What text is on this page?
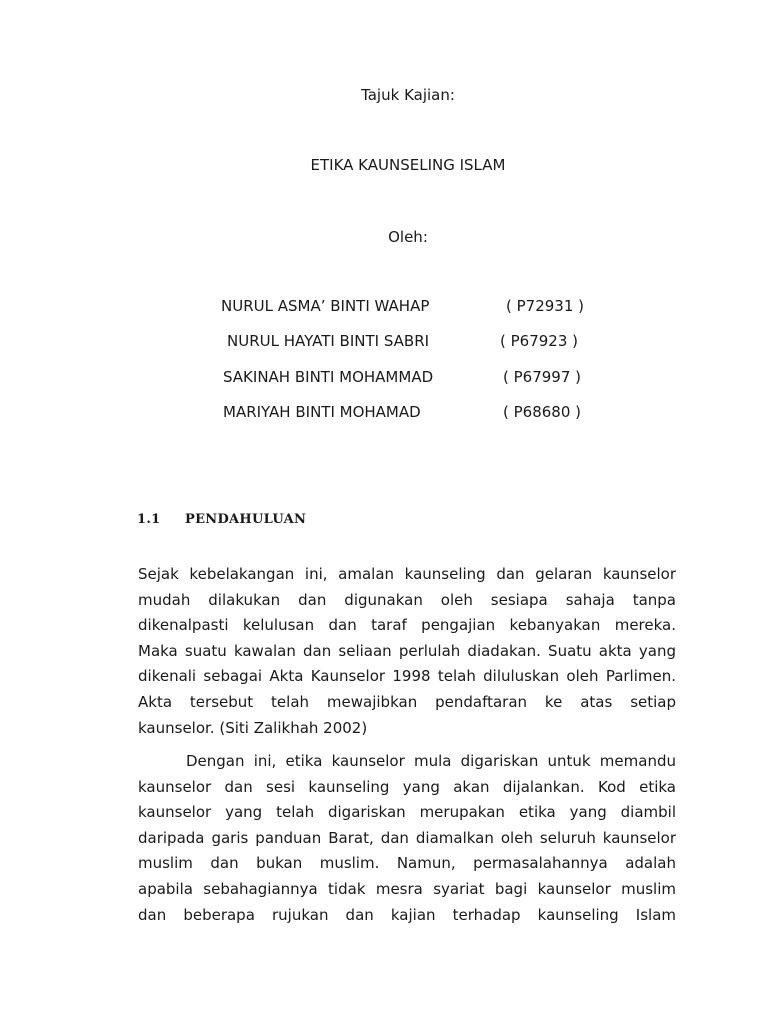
Tajuk Kajian:
ETIKA KAUNSELING ISLAM
Oleh:
NURUL ASMA’ BINTI WAHAP	( P72931 )
NURUL HAYATI BINTI SABRI	( P67923 )
SAKINAH BINTI MOHAMMAD	( P67997 )
MARIYAH BINTI MOHAMAD	( P68680 )
1.1 PENDAHULUAN
Sejak kebelakangan ini, amalan kaunseling dan gelaran kaunselor
mudah dilakukan dan digunakan oleh sesiapa sahaja tanpa
dikenalpasti kelulusan dan taraf pengajian kebanyakan mereka.
Maka suatu kawalan dan seliaan perlulah diadakan. Suatu akta yang
dikenali sebagai Akta Kaunselor 1998 telah diluluskan oleh Parlimen.
Akta tersebut telah mewajibkan pendaftaran ke atas setiap
kaunselor. (Siti Zalikhah 2002)
Dengan ini, etika kaunselor mula digariskan untuk memandu
kaunselor dan sesi kaunseling yang akan dijalankan. Kod etika
kaunselor yang telah digariskan merupakan etika yang diambil
daripada garis panduan Barat, dan diamalkan oleh seluruh kaunselor
muslim dan bukan muslim. Namun, permasalahannya adalah
apabila sebahagiannya tidak mesra syariat bagi kaunselor muslim
dan beberapa rujukan dan kajian terhadap kaunseling Islam
